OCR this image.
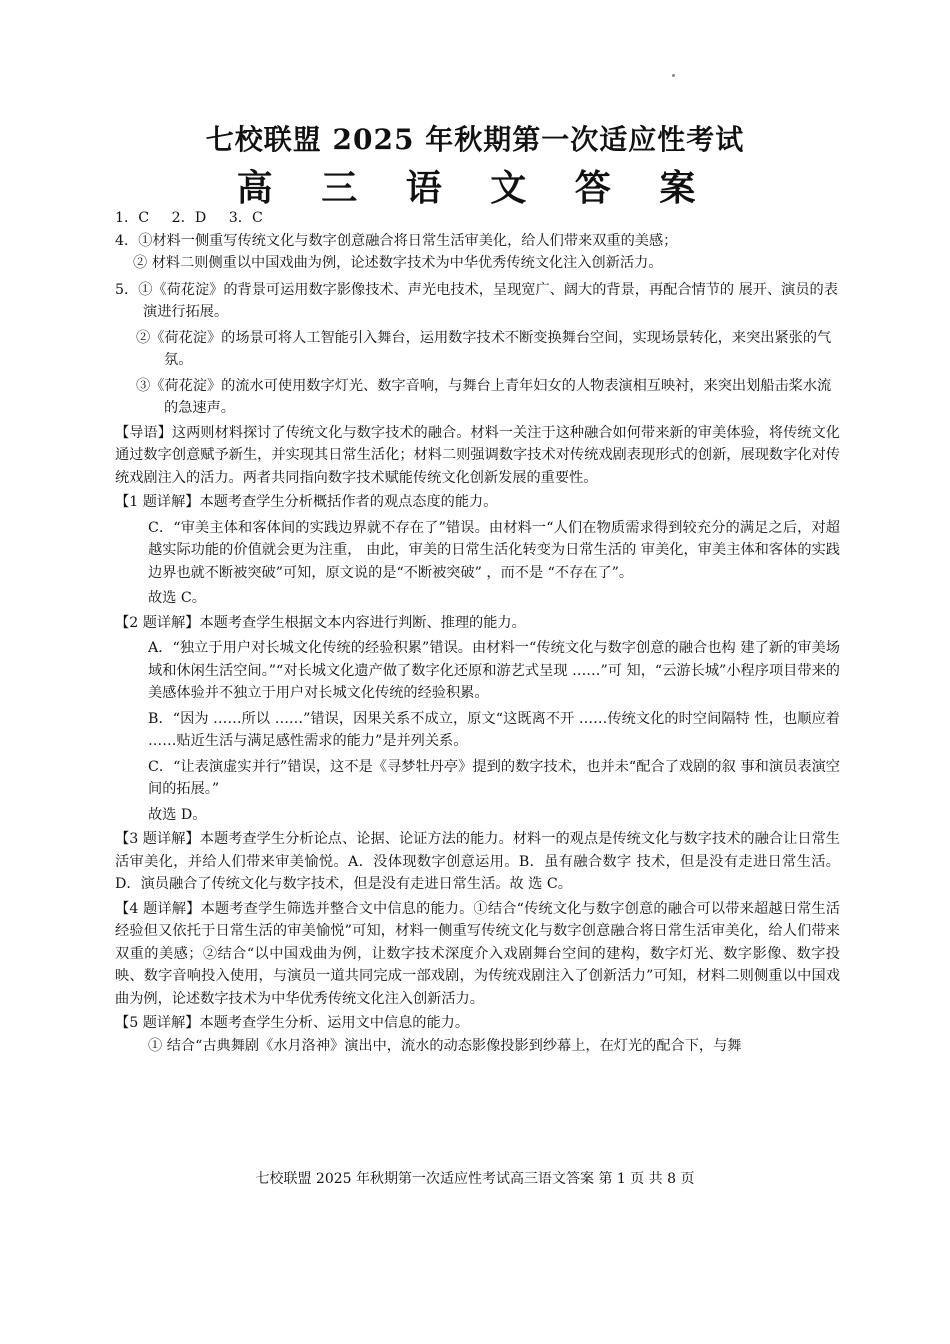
七校联盟 2025 年秋期第一次适应性考试
高 三 语 文 答 案

1．C     2．D     3．C

4．①材料一侧重写传统文化与数字创意融合将日常生活审美化，给人们带来双重的美感；

② 材料二则侧重以中国戏曲为例，论述数字技术为中华优秀传统文化注入创新活力。

5．①《荷花淀》的背景可运用数字影像技术、声光电技术，呈现宽广、阔大的背景，再配合情节的 展开、演员的表演进行拓展。

②《荷花淀》的场景可将人工智能引入舞台，运用数字技术不断变换舞台空间，实现场景转化，来突出紧张的气氛。

③《荷花淀》的流水可使用数字灯光、数字音响，与舞台上青年妇女的人物表演相互映衬，来突出划船击桨水流的急速声。

【导语】这两则材料探讨了传统文化与数字技术的融合。材料一关注于这种融合如何带来新的审美体验，将传统文化通过数字创意赋予新生，并实现其日常生活化；材料二则强调数字技术对传统戏剧表现形式的创新，展现数字化对传统戏剧注入的活力。两者共同指向数字技术赋能传统文化创新发展的重要性。

【1 题详解】本题考查学生分析概括作者的观点态度的能力。

C．“审美主体和客体间的实践边界就不存在了”错误。由材料一“人们在物质需求得到较充分的满足之后，对超越实际功能的价值就会更为注重， 由此，审美的日常生活化转变为日常生活的 审美化，审美主体和客体的实践边界也就不断被突破”可知，原文说的是“不断被突破” ，而不是 “不存在了”。

故选 C。

【2 题详解】本题考查学生根据文本内容进行判断、推理的能力。

A．“独立于用户对长城文化传统的经验积累”错误。由材料一“传统文化与数字创意的融合也构 建了新的审美场域和休闲生活空间。”“对长城文化遗产做了数字化还原和游艺式呈现 ……”可 知，“云游长城”小程序项目带来的美感体验并不独立于用户对长城文化传统的经验积累。

B．“因为 ……所以 ……”错误，因果关系不成立，原文“这既离不开 ……传统文化的时空间隔特 性，也顺应着 ……贴近生活与满足感性需求的能力”是并列关系。

C．“让表演虚实并行”错误，这不是《寻梦牡丹亭》提到的数字技术，也并未“配合了戏剧的叙 事和演员表演空间的拓展。”

故选 D。

【3 题详解】本题考查学生分析论点、论据、论证方法的能力。材料一的观点是传统文化与数字技术的融合让日常生活审美化，并给人们带来审美愉悦。A．没体现数字创意运用。B．虽有融合数字 技术，但是没有走进日常生活。D．演员融合了传统文化与数字技术，但是没有走进日常生活。故 选 C。

【4 题详解】本题考查学生筛选并整合文中信息的能力。①结合“传统文化与数字创意的融合可以带来超越日常生活经验但又依托于日常生活的审美愉悦”可知，材料一侧重写传统文化与数字创意融合将日常生活审美化，给人们带来双重的美感；②结合“以中国戏曲为例，让数字技术深度介入戏剧舞台空间的建构，数字灯光、数字影像、数字投映、数字音响投入使用，与演员一道共同完成一部戏剧，为传统戏剧注入了创新活力”可知，材料二则侧重以中国戏曲为例，论述数字技术为中华优秀传统文化注入创新活力。

【5 题详解】本题考查学生分析、运用文中信息的能力。

① 结合“古典舞剧《水月洛神》演出中，流水的动态影像投影到纱幕上，在灯光的配合下，与舞

七校联盟 2025 年秋期第一次适应性考试高三语文答案 第 1 页 共 8 页
